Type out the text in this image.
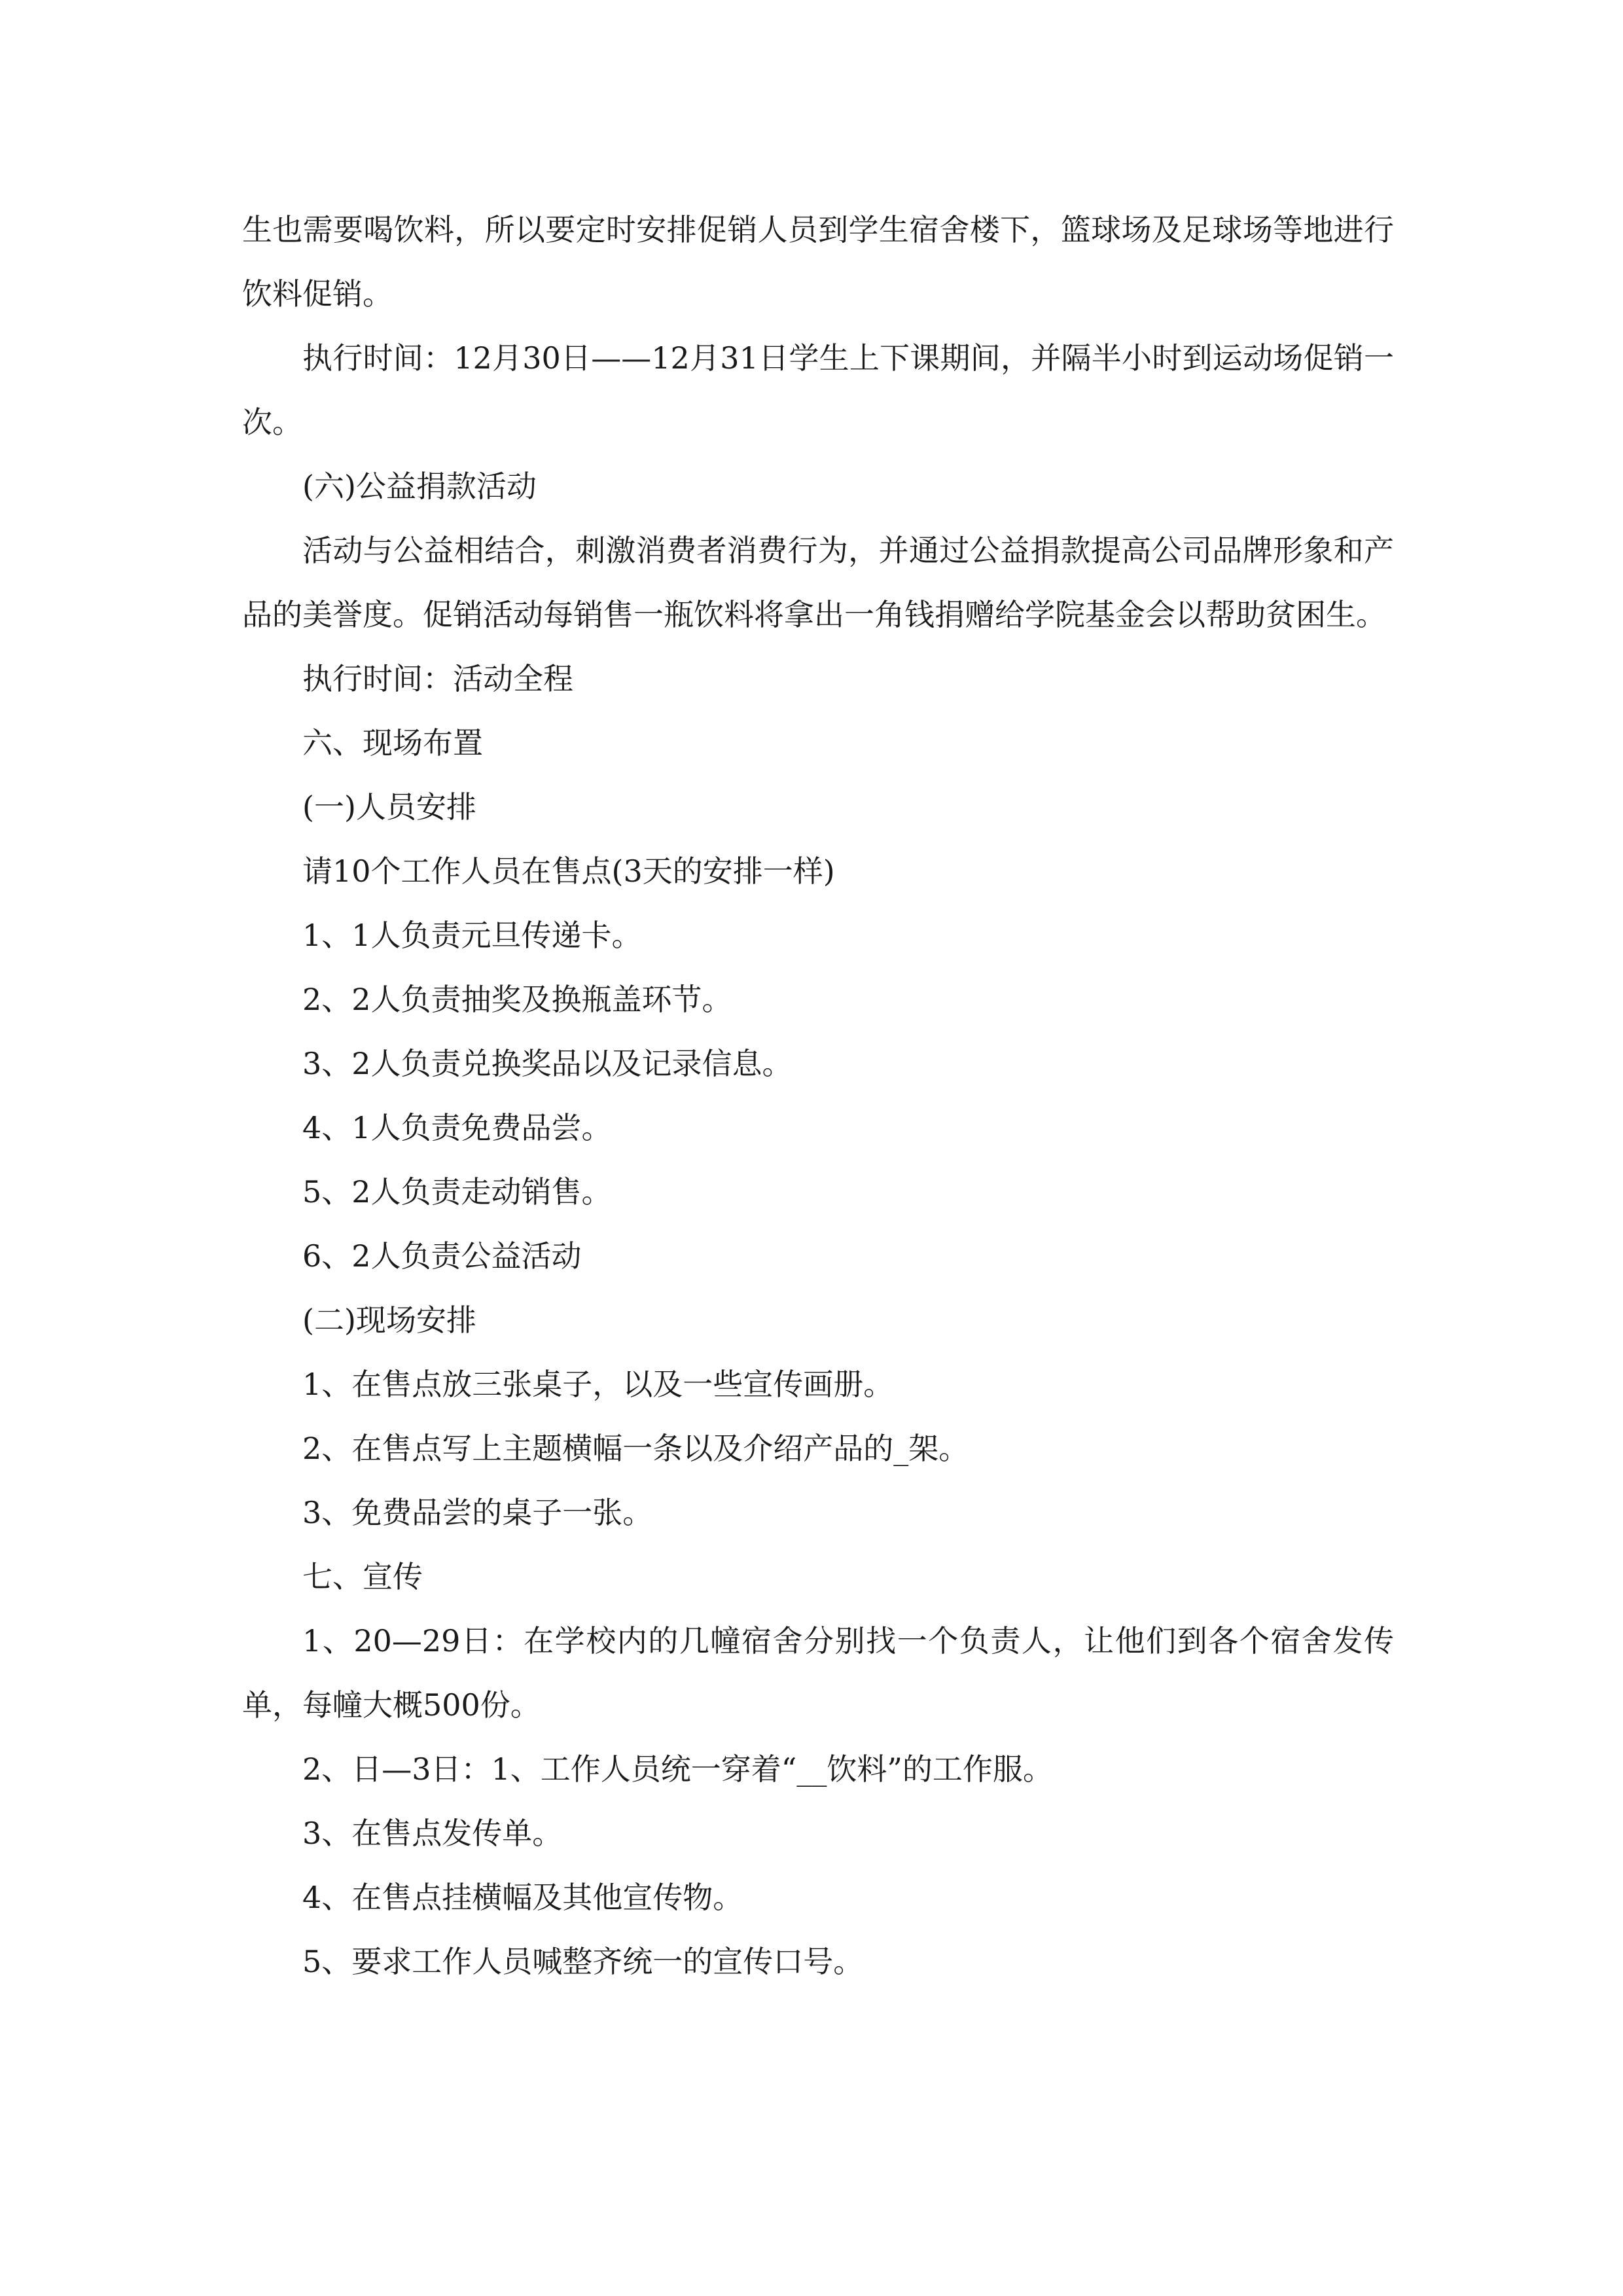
生也需要喝饮料，所以要定时安排促销人员到学生宿舍楼下，篮球场及足球场等地进行饮料促销。

执行时间：12月30日——12月31日学生上下课期间，并隔半小时到运动场促销一次。

(六)公益捐款活动

活动与公益相结合，刺激消费者消费行为，并通过公益捐款提高公司品牌形象和产品的美誉度。促销活动每销售一瓶饮料将拿出一角钱捐赠给学院基金会以帮助贫困生。

执行时间：活动全程

六、现场布置

(一)人员安排

请10个工作人员在售点(3天的安排一样)

1、1人负责元旦传递卡。

2、2人负责抽奖及换瓶盖环节。

3、2人负责兑换奖品以及记录信息。

4、1人负责免费品尝。

5、2人负责走动销售。

6、2人负责公益活动

(二)现场安排

1、在售点放三张桌子，以及一些宣传画册。

2、在售点写上主题横幅一条以及介绍产品的_架。

3、免费品尝的桌子一张。

七、宣传

1、20—29日：在学校内的几幢宿舍分别找一个负责人，让他们到各个宿舍发传单，每幢大概500份。

2、日—3日：1、工作人员统一穿着“__饮料”的工作服。

3、在售点发传单。

4、在售点挂横幅及其他宣传物。

5、要求工作人员喊整齐统一的宣传口号。
